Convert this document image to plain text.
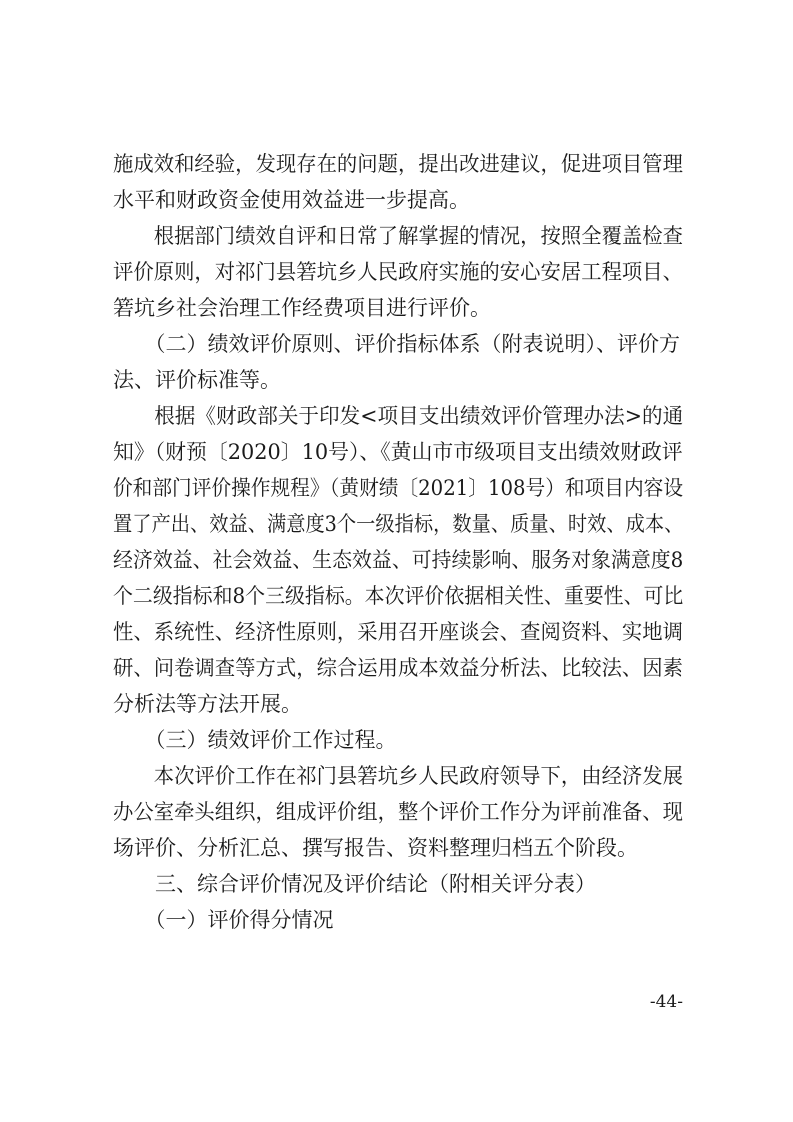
施成效和经验，发现存在的问题，提出改进建议，促进项目管理
水平和财政资金使用效益进一步提高。
　　根据部门绩效自评和日常了解掌握的情况，按照全覆盖检查
评价原则，对祁门县箬坑乡人民政府实施的安心安居工程项目、
箬坑乡社会治理工作经费项目进行评价。
　　（二）绩效评价原则、评价指标体系（附表说明）、评价方
法、评价标准等。
　　根据《财政部关于印发<项目支出绩效评价管理办法>的通
知》（财预〔2020〕10号）、《黄山市市级项目支出绩效财政评
价和部门评价操作规程》（黄财绩〔2021〕108号）和项目内容设
置了产出、效益、满意度3个一级指标，数量、质量、时效、成本、
经济效益、社会效益、生态效益、可持续影响、服务对象满意度8
个二级指标和8个三级指标。本次评价依据相关性、重要性、可比
性、系统性、经济性原则，采用召开座谈会、查阅资料、实地调
研、问卷调查等方式，综合运用成本效益分析法、比较法、因素
分析法等方法开展。
　　（三）绩效评价工作过程。
　　本次评价工作在祁门县箬坑乡人民政府领导下，由经济发展
办公室牵头组织，组成评价组，整个评价工作分为评前准备、现
场评价、分析汇总、撰写报告、资料整理归档五个阶段。
　　三、综合评价情况及评价结论（附相关评分表）
　　（一）评价得分情况
-44-
